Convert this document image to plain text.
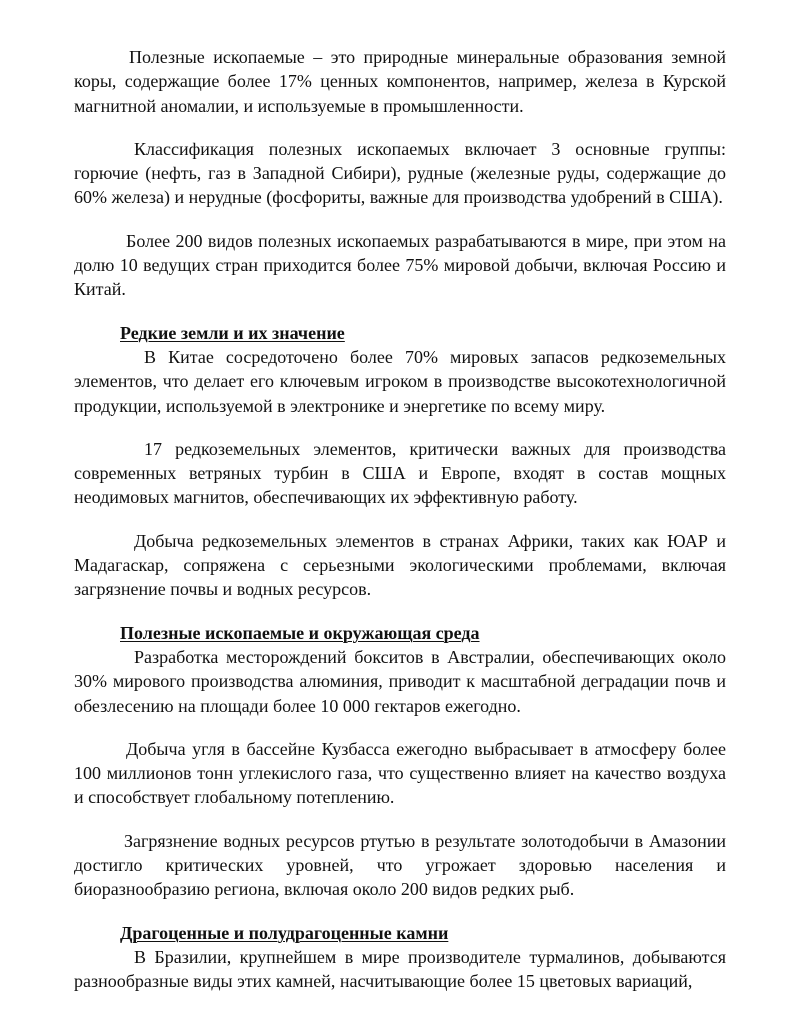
Полезные ископаемые – это природные минеральные образования земной коры, содержащие более 17% ценных компонентов, например, железа в Курской магнитной аномалии, и используемые в промышленности.

Классификация полезных ископаемых включает 3 основные группы: горючие (нефть, газ в Западной Сибири), рудные (железные руды, содержащие до 60% железа) и нерудные (фосфориты, важные для производства удобрений в США).

Более 200 видов полезных ископаемых разрабатываются в мире, при этом на долю 10 ведущих стран приходится более 75% мировой добычи, включая Россию и Китай.

Редкие земли и их значение

В Китае сосредоточено более 70% мировых запасов редкоземельных элементов, что делает его ключевым игроком в производстве высокотехнологичной продукции, используемой в электронике и энергетике по всему миру.

17 редкоземельных элементов, критически важных для производства современных ветряных турбин в США и Европе, входят в состав мощных неодимовых магнитов, обеспечивающих их эффективную работу.

Добыча редкоземельных элементов в странах Африки, таких как ЮАР и Мадагаскар, сопряжена с серьезными экологическими проблемами, включая загрязнение почвы и водных ресурсов.

Полезные ископаемые и окружающая среда

Разработка месторождений бокситов в Австралии, обеспечивающих около 30% мирового производства алюминия, приводит к масштабной деградации почв и обезлесению на площади более 10 000 гектаров ежегодно.

Добыча угля в бассейне Кузбасса ежегодно выбрасывает в атмосферу более 100 миллионов тонн углекислого газа, что существенно влияет на качество воздуха и способствует глобальному потеплению.

Загрязнение водных ресурсов ртутью в результате золотодобычи в Амазонии достигло критических уровней, что угрожает здоровью населения и биоразнообразию региона, включая около 200 видов редких рыб.

Драгоценные и полудрагоценные камни

В Бразилии, крупнейшем в мире производителе турмалинов, добываются разнообразные виды этих камней, насчитывающие более 15 цветовых вариаций,
